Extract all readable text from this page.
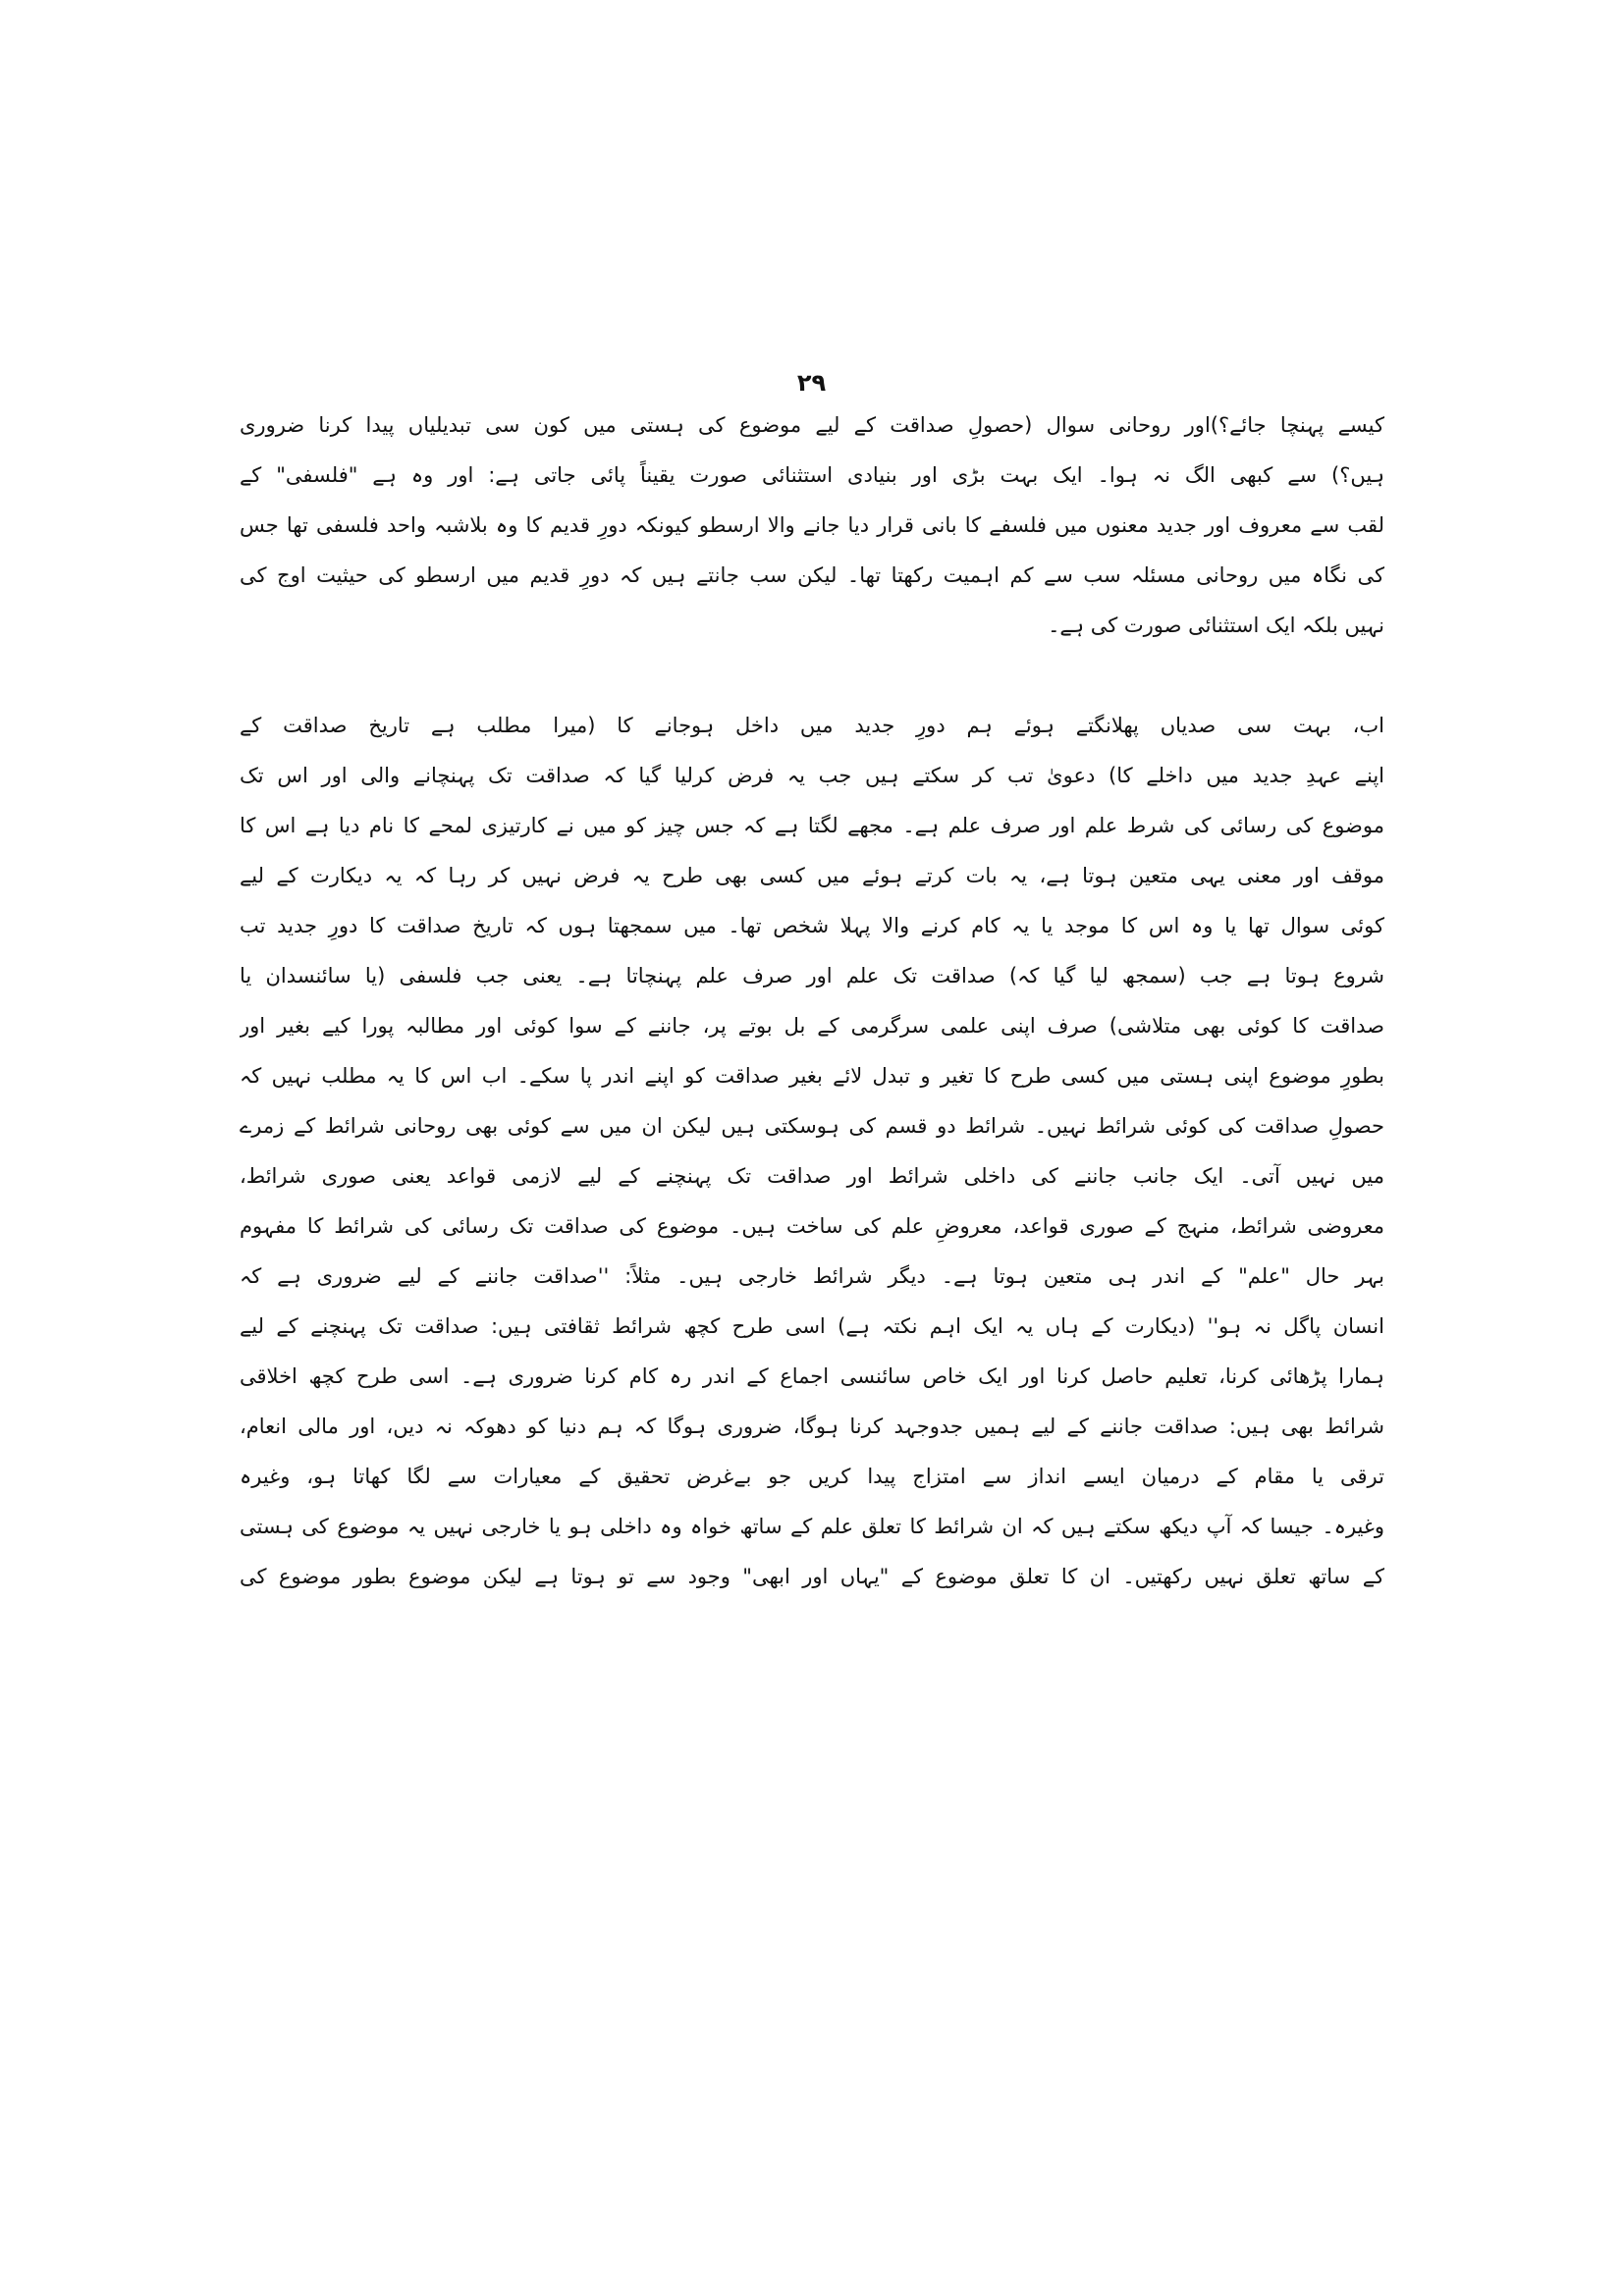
۲۹
کیسے پہنچا جائے؟)اور روحانی سوال (حصولِ صداقت کے لیے موضوع کی ہستی میں کون سی تبدیلیاں پیدا کرنا ضروری
ہیں؟) سے کبھی الگ نہ ہوا۔ ایک بہت بڑی اور بنیادی استثنائی صورت یقیناً پائی جاتی ہے: اور وہ ہے "فلسفی" کے
لقب سے معروف اور جدید معنوں میں فلسفے کا بانی قرار دیا جانے والا ارسطو کیونکہ دورِ قدیم کا وہ بلاشبہ واحد فلسفی تھا جس
کی نگاہ میں روحانی مسئلہ سب سے کم اہمیت رکھتا تھا۔ لیکن سب جانتے ہیں کہ دورِ قدیم میں ارسطو کی حیثیت اوج کی
نہیں بلکہ ایک استثنائی صورت کی ہے۔
اب، بہت سی صدیاں پھلانگتے ہوئے ہم دورِ جدید میں داخل ہوجانے کا (میرا مطلب ہے تاریخ صداقت کے
اپنے عہدِ جدید میں داخلے کا) دعویٰ تب کر سکتے ہیں جب یہ فرض کرلیا گیا کہ صداقت تک پہنچانے والی اور اس تک
موضوع کی رسائی کی شرط علم اور صرف علم ہے۔ مجھے لگتا ہے کہ جس چیز کو میں نے کارتیزی لمحے کا نام دیا ہے اس کا
موقف اور معنی یہی متعین ہوتا ہے، یہ بات کرتے ہوئے میں کسی بھی طرح یہ فرض نہیں کر رہا کہ یہ دیکارت کے لیے
کوئی سوال تھا یا وہ اس کا موجد یا یہ کام کرنے والا پہلا شخص تھا۔ میں سمجھتا ہوں کہ تاریخ صداقت کا دورِ جدید تب
شروع ہوتا ہے جب (سمجھ لیا گیا کہ) صداقت تک علم اور صرف علم پہنچاتا ہے۔ یعنی جب فلسفی (یا سائنسدان یا
صداقت کا کوئی بھی متلاشی) صرف اپنی علمی سرگرمی کے بل بوتے پر، جاننے کے سوا کوئی اور مطالبہ پورا کیے بغیر اور
بطورِ موضوع اپنی ہستی میں کسی طرح کا تغیر و تبدل لائے بغیر صداقت کو اپنے اندر پا سکے۔ اب اس کا یہ مطلب نہیں کہ
حصولِ صداقت کی کوئی شرائط نہیں۔ شرائط دو قسم کی ہوسکتی ہیں لیکن ان میں سے کوئی بھی روحانی شرائط کے زمرے
میں نہیں آتی۔ ایک جانب جاننے کی داخلی شرائط اور صداقت تک پہنچنے کے لیے لازمی قواعد یعنی صوری شرائط،
معروضی شرائط، منہج کے صوری قواعد، معروضِ علم کی ساخت ہیں۔ موضوع کی صداقت تک رسائی کی شرائط کا مفہوم
بہر حال "علم" کے اندر ہی متعین ہوتا ہے۔ دیگر شرائط خارجی ہیں۔ مثلاً: ''صداقت جاننے کے لیے ضروری ہے کہ
انسان پاگل نہ ہو'' (دیکارت کے ہاں یہ ایک اہم نکتہ ہے) اسی طرح کچھ شرائط ثقافتی ہیں: صداقت تک پہنچنے کے لیے
ہمارا پڑھائی کرنا، تعلیم حاصل کرنا اور ایک خاص سائنسی اجماع کے اندر رہ کام کرنا ضروری ہے۔ اسی طرح کچھ اخلاقی
شرائط بھی ہیں: صداقت جاننے کے لیے ہمیں جدوجہد کرنا ہوگا، ضروری ہوگا کہ ہم دنیا کو دھوکہ نہ دیں، اور مالی انعام،
ترقی یا مقام کے درمیان ایسے انداز سے امتزاج پیدا کریں جو بےغرض تحقیق کے معیارات سے لگا کھاتا ہو، وغیرہ
وغیرہ۔ جیسا کہ آپ دیکھ سکتے ہیں کہ ان شرائط کا تعلق علم کے ساتھ خواہ وہ داخلی ہو یا خارجی نہیں یہ موضوع کی ہستی
کے ساتھ تعلق نہیں رکھتیں۔ ان کا تعلق موضوع کے "یہاں اور ابھی" وجود سے تو ہوتا ہے لیکن موضوع بطور موضوع کی
